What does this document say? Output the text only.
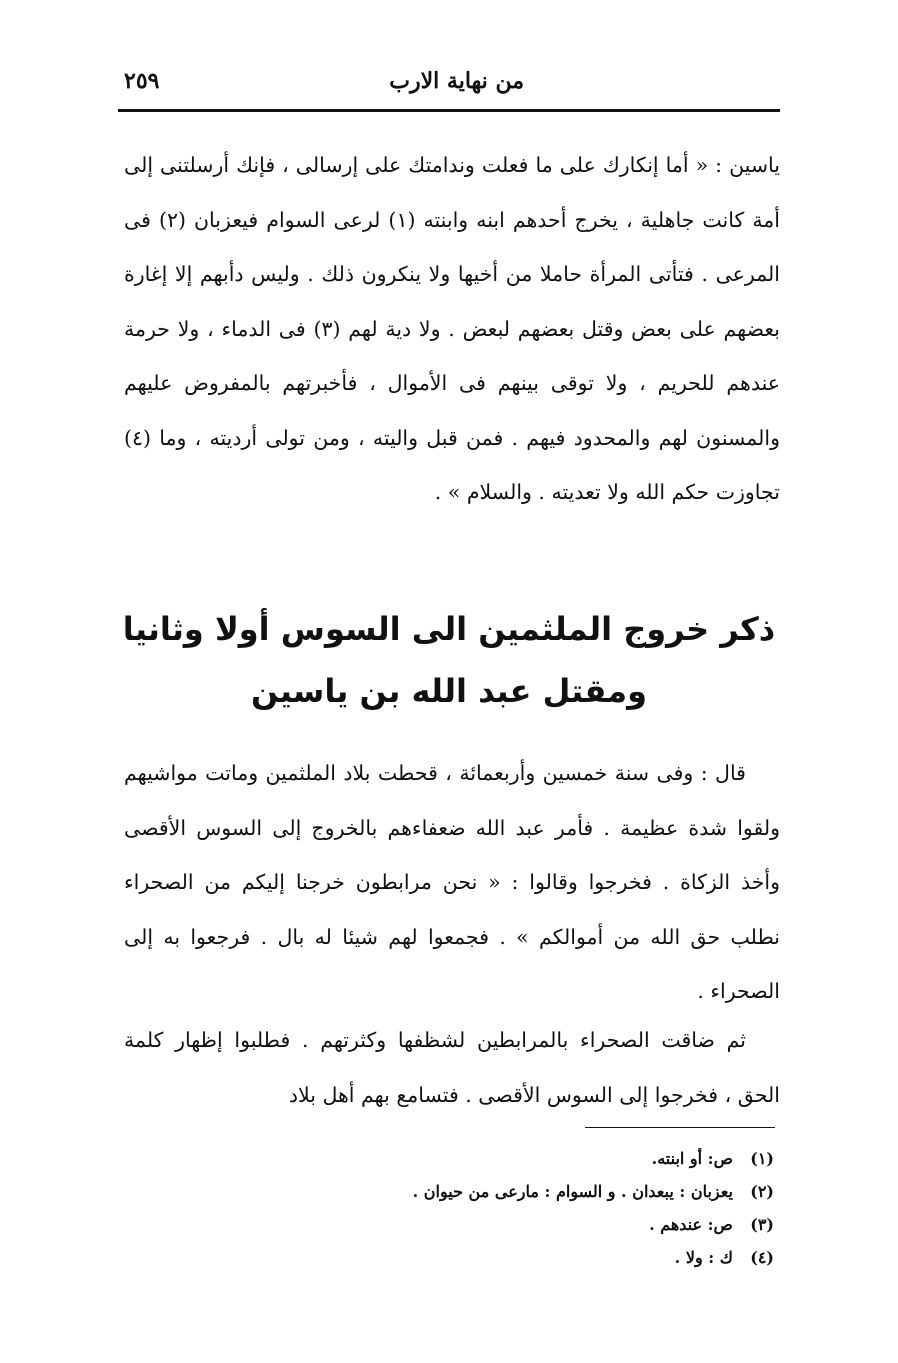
من نهاية الارب
٢٥٩

ياسين : « أما إنكارك على ما فعلت وندامتك على إرسالى ، فإنك أرسلتنى إلى أمة كانت جاهلية ، يخرج أحدهم ابنه وابنته (١) لرعى السوام فيعزبان (٢) فى المرعى . فتأتى المرأة حاملا من أخيها ولا ينكرون ذلك . وليس دأبهم إلا إغارة بعضهم على بعض وقتل بعضهم لبعض . ولا دية لهم (٣) فى الدماء ، ولا حرمة عندهم للحريم ، ولا توقى بينهم فى الأموال ، فأخبرتهم بالمفروض عليهم والمسنون لهم والمحدود فيهم . فمن قبل واليته ، ومن تولى أرديته ، وما (٤) تجاوزت حكم الله ولا تعديته . والسلام » .

ذكر خروج الملثمين الى السوس أولا وثانيا
ومقتل عبد الله بن ياسين

قال : وفى سنة خمسين وأربعمائة ، قحطت بلاد الملثمين وماتت مواشيهم ولقوا شدة عظيمة . فأمر عبد الله ضعفاءهم بالخروج إلى السوس الأقصى وأخذ الزكاة . فخرجوا وقالوا : « نحن مرابطون خرجنا إليكم من الصحراء نطلب حق الله من أموالكم » . فجمعوا لهم شيئا له بال . فرجعوا به إلى الصحراء .

ثم ضاقت الصحراء بالمرابطين لشظفها وكثرتهم . فطلبوا إظهار كلمة الحق ، فخرجوا إلى السوس الأقصى . فتسامع بهم أهل بلاد

(١) ص: أو ابنته.
(٢) يعزبان : يبعدان . و السوام : مارعى من حيوان .
(٣) ص: عندهم .
(٤) ك : ولا .
